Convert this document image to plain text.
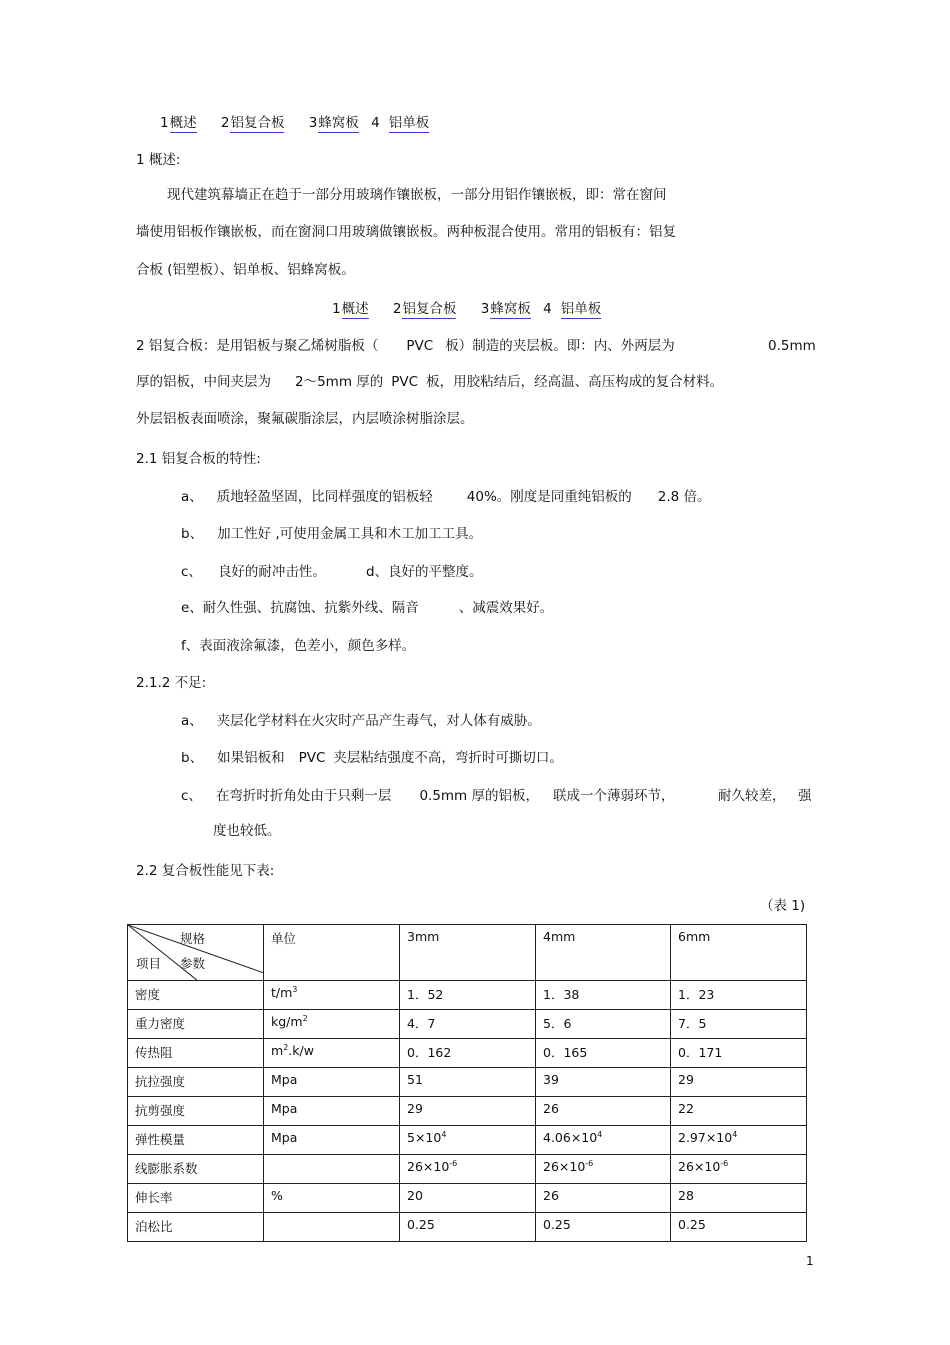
1概述 2铝复合板 3蜂窝板 4 铝单板
1 概述:
现代建筑幕墙正在趋于一部分用玻璃作镶嵌板，一部分用铝作镶嵌板，即：常在窗间
墙使用铝板作镶嵌板，而在窗洞口用玻璃做镶嵌板。两种板混合使用。常用的铝板有：铝复
合板 (铝塑板）、铝单板、铝蜂窝板。
1概述 2铝复合板 3蜂窝板 4 铝单板
2 铝复合板：是用铝板与聚乙烯树脂板（ PVC 板）制造的夹层板。即：内、外两层为	0.5mm
厚的铝板，中间夹层为 2～5mm 厚的 PVC 板，用胶粘结后，经高温、高压构成的复合材料。
外层铝板表面喷涂，聚氟碳脂涂层，内层喷涂树脂涂层。
2.1 铝复合板的特性:
a、 质地轻盈坚固，比同样强度的铝板轻	40%。刚度是同重纯铝板的 2.8 倍。
b、 加工性好 ,可使用金属工具和木工加工工具。
c、 良好的耐冲击性。	d、良好的平整度。
e、耐久性强、抗腐蚀、抗紫外线、隔音	、减震效果好。
f、表面液涂氟漆，色差小，颜色多样。
2.1.2 不足:
a、 夹层化学材料在火灾时产品产生毒气，对人体有威胁。
b、 如果铝板和 PVC 夹层粘结强度不高，弯折时可撕切口。
c、 在弯折时折角处由于只剩一层 0.5mm 厚的铝板， 联成一个薄弱环节，	耐久较差， 强
度也较低。
2.2 复合板性能见下表:
（表 1)
规格
项目 参数	单位	3mm	4mm	6mm
密度	$t/m^3$	1．52	1．38	1．23
重力密度	$kg/m^2$	4．7	5．6	7．5
传热阻	$m^2.k/w$	0．162	0．165	0．171
抗拉强度	Mpa	51	39	29
抗剪强度	Mpa	29	26	22
弹性模量	Mpa	$5\times 10^4$	$4.06\times 10^4$	$2.97\times 10^4$
线膨胀系数		$26\times 10^{-6}$	$26\times 10^{-6}$	$26\times 10^{-6}$
伸长率	%	20	26	28
泊松比		0.25	0.25	0.25
1
